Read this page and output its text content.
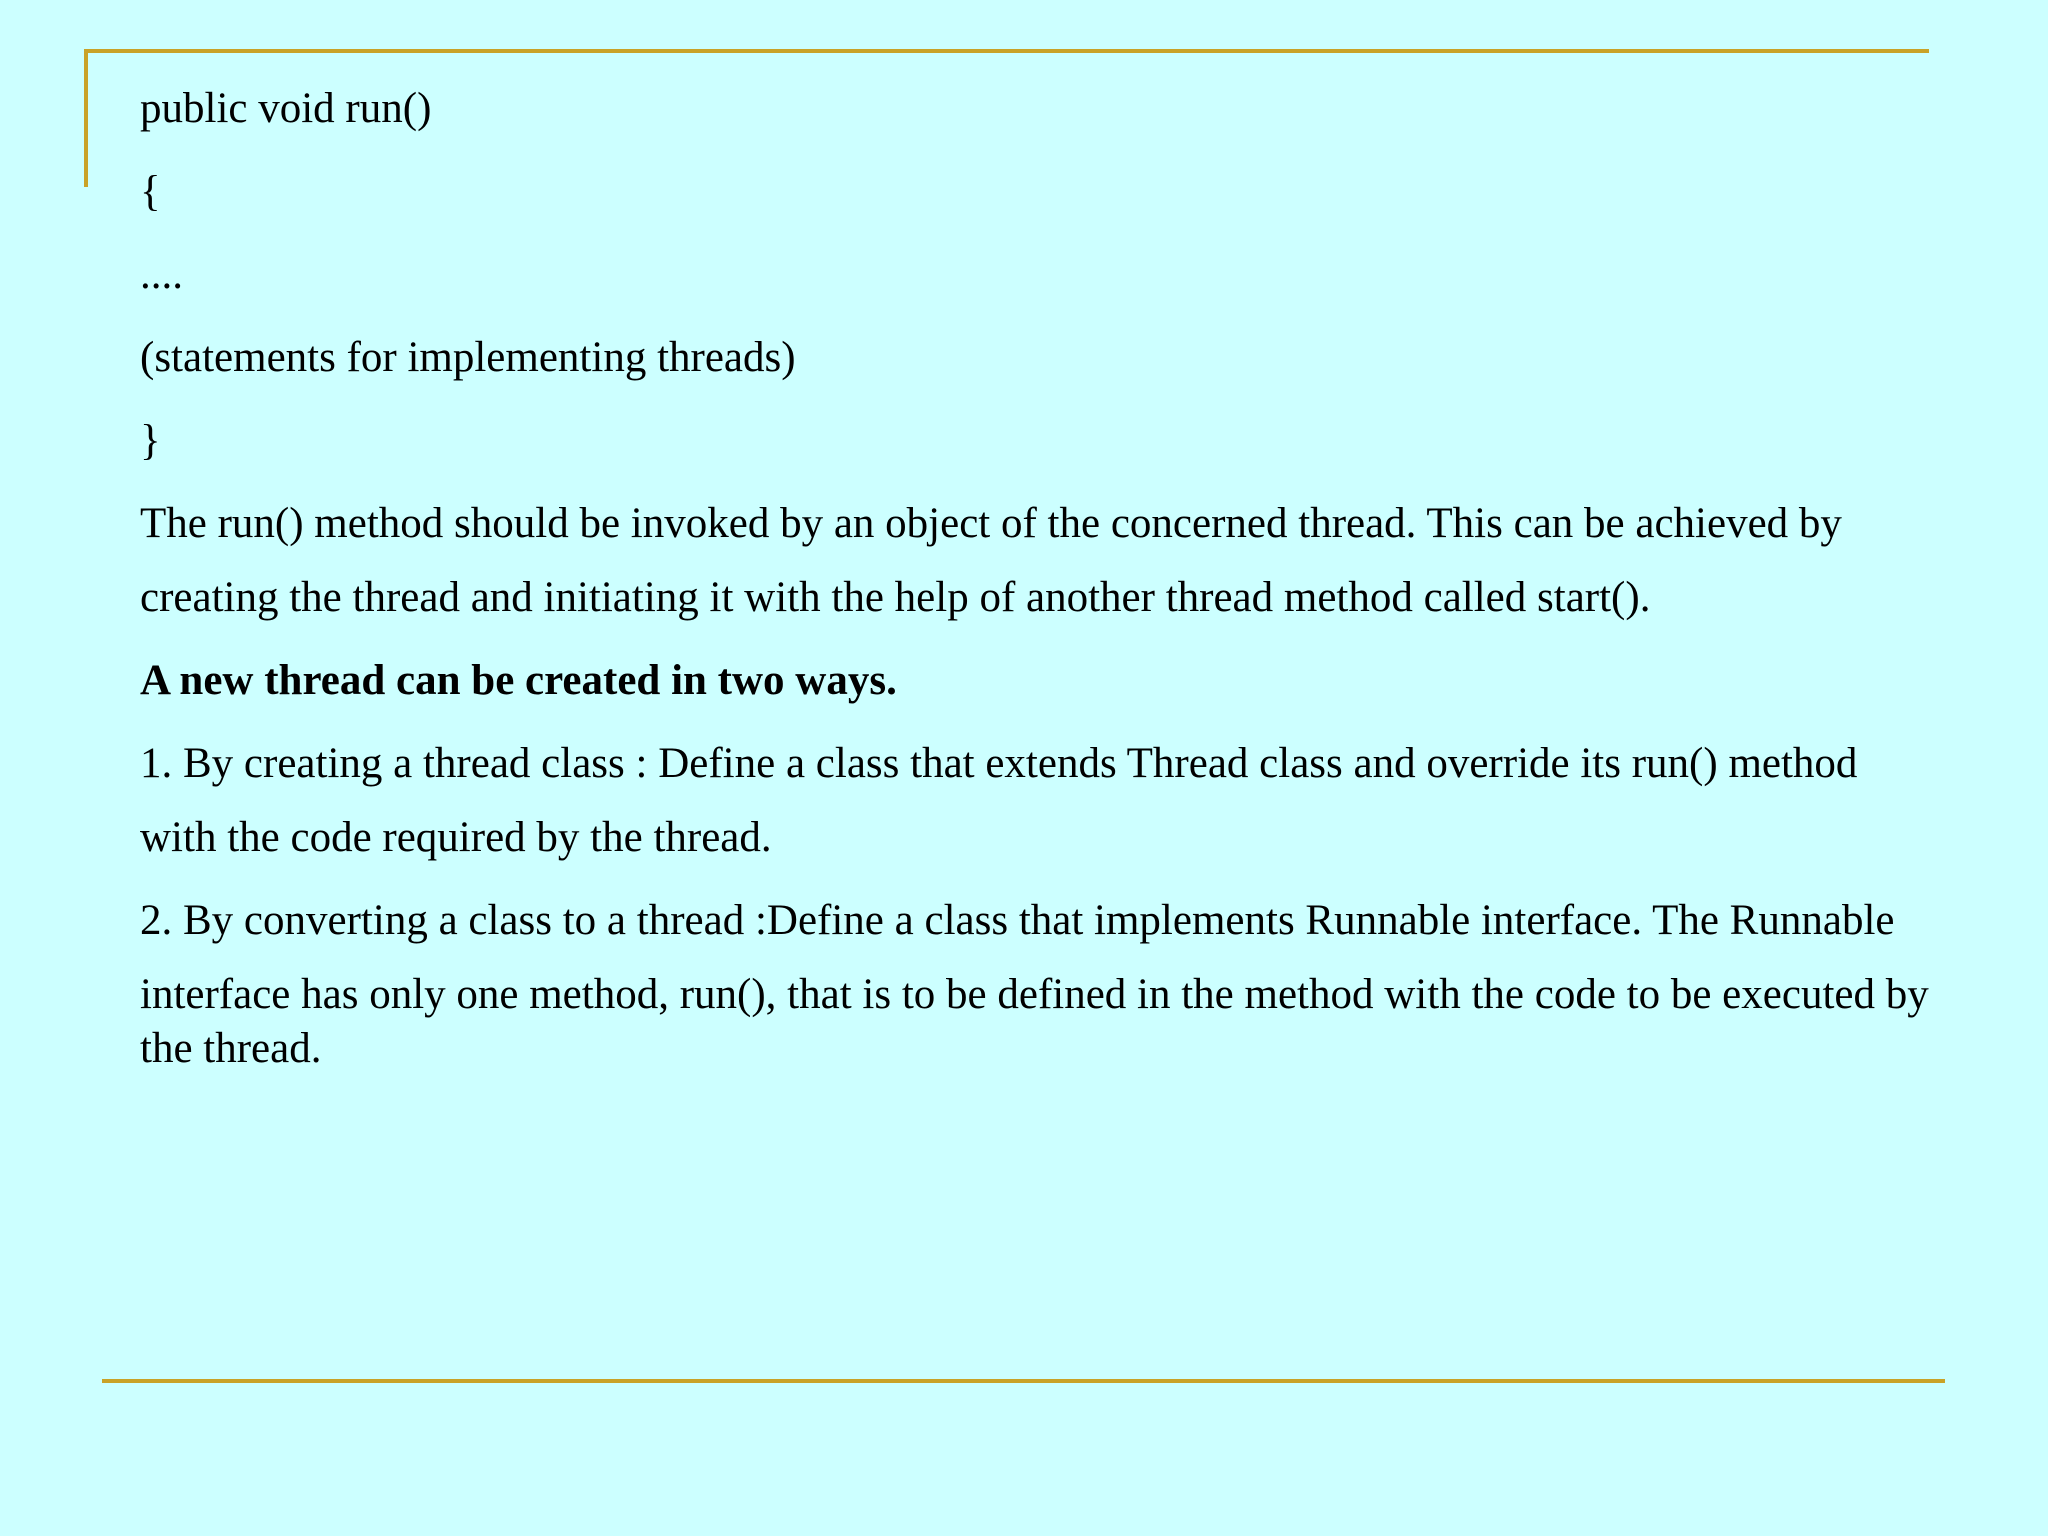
public void run()

{

....

(statements for implementing threads)

}

The run() method should be invoked by an object of the concerned thread. This can be achieved by

creating the thread and initiating it with the help of another thread method called start().

A new thread can be created in two ways.

1. By creating a thread class : Define a class that extends Thread class and override its run() method

with the code required by the thread.

2. By converting a class to a thread :Define a class that implements Runnable interface. The Runnable

interface has only one method, run(), that is to be defined in the method with the code to be executed by the thread.
